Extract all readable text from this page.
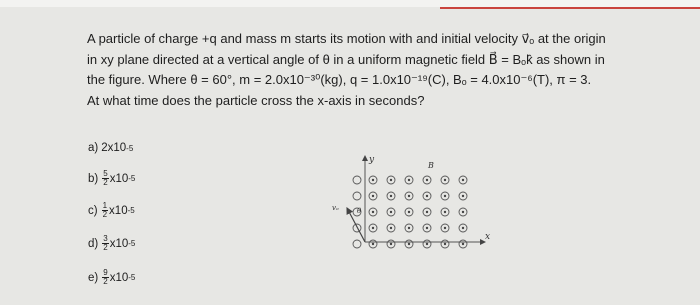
A particle of charge +q and mass m starts its motion with and initial velocity v⃗ₒ at the origin
in xy plane directed at a vertical angle of θ in a uniform magnetic field B⃗ = Bₒk̂ as shown in
the figure. Where θ = 60°, m = 2.0x10⁻³⁰(kg), q = 1.0x10⁻¹⁹(C), Bₒ = 4.0x10⁻⁶(T), π = 3.
At what time does the particle cross the x-axis in seconds?
a) 2x10 -5
$b) \frac{5}{2} x10$ -5
$c) \frac{1}{2} x10$ -5
$d) \frac{3}{2} x10$ -5
$e) \frac{9}{2} x10$ -5
y
x
B
vₒ	θ
